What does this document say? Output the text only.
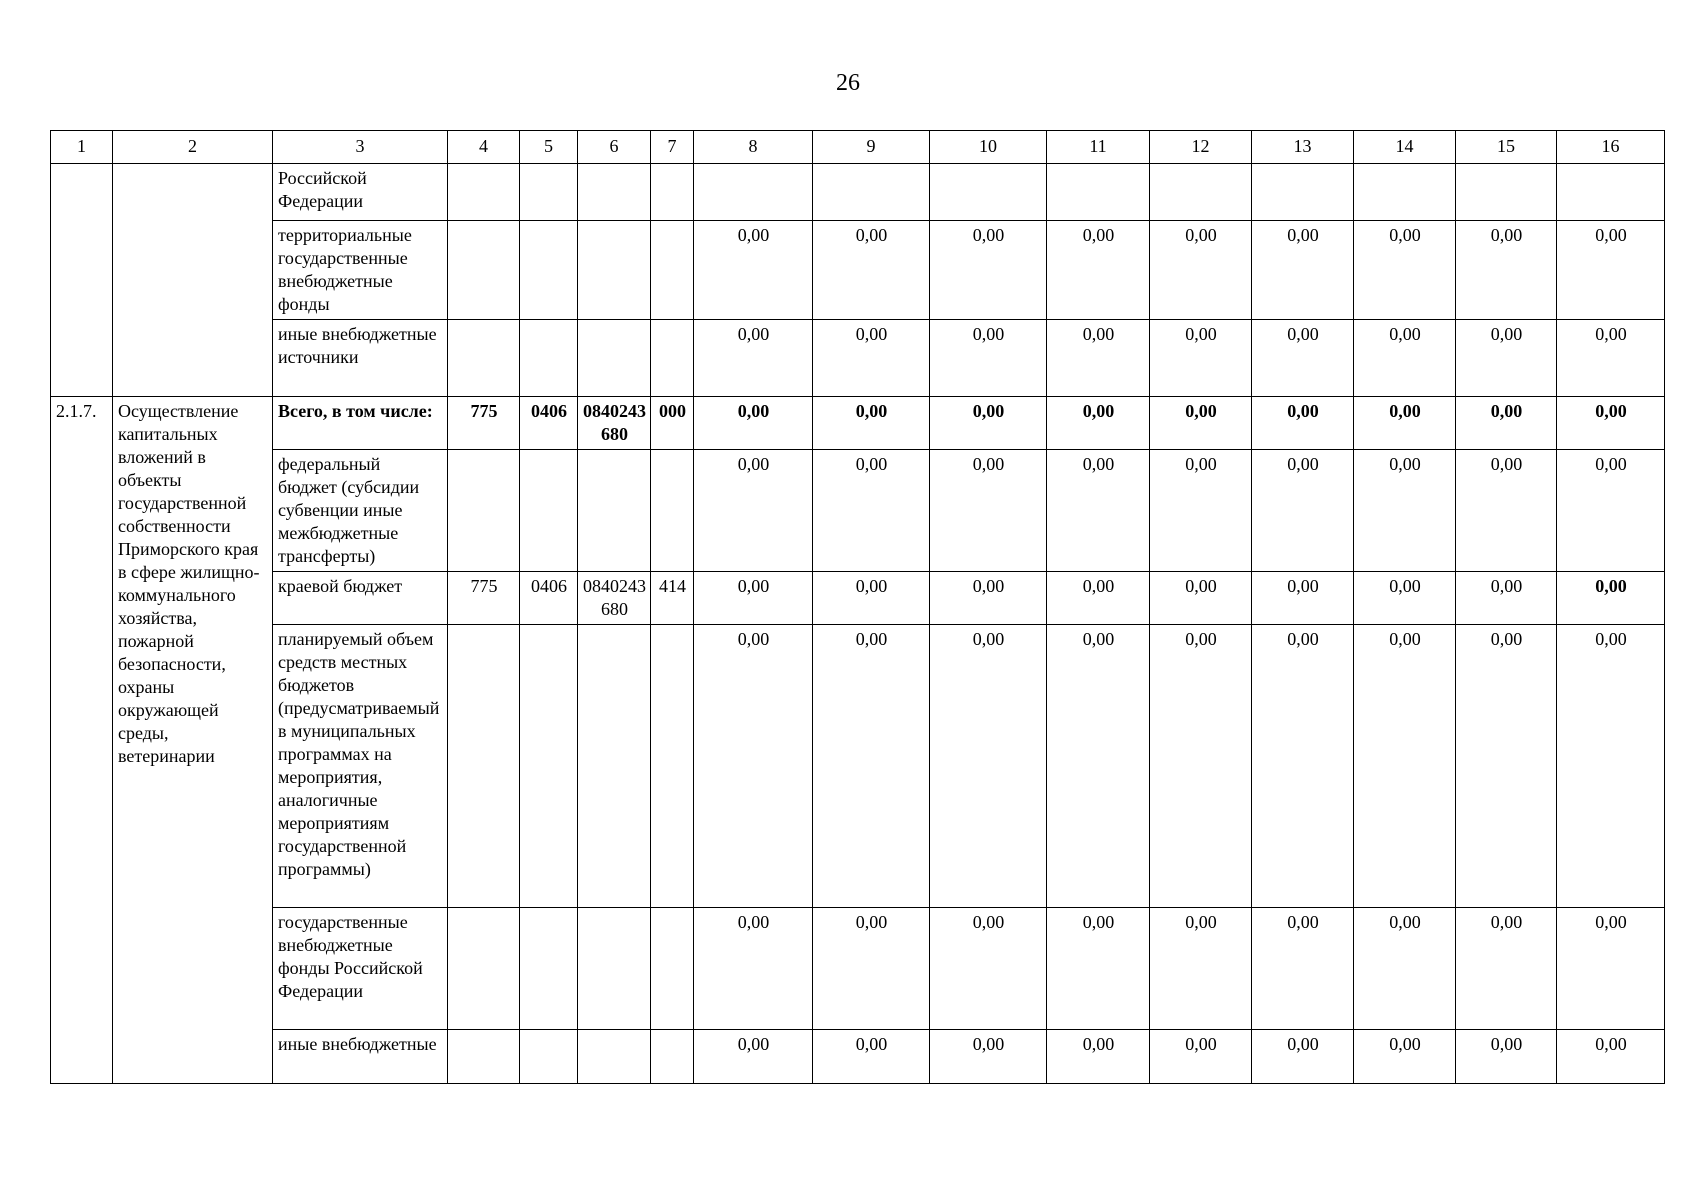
26
1	2	3	4	5	6	7	8	9	10	11	12	13	14	15	16
		Российской Федерации													
		территориальные государственные внебюджетные фонды					0,00	0,00	0,00	0,00	0,00	0,00	0,00	0,00	0,00
		иные внебюджетные источники					0,00	0,00	0,00	0,00	0,00	0,00	0,00	0,00	0,00
2.1.7.	Осуществление капитальных вложений в объекты государственной собственности Приморского края в сфере жилищно-коммунального хозяйства, пожарной безопасности, охраны окружающей среды, ветеринарии	Всего, в том числе:	775	0406	0840243680	000	0,00	0,00	0,00	0,00	0,00	0,00	0,00	0,00	0,00
		федеральный бюджет (субсидии субвенции иные межбюджетные трансферты)					0,00	0,00	0,00	0,00	0,00	0,00	0,00	0,00	0,00
		краевой бюджет	775	0406	0840243680	414	0,00	0,00	0,00	0,00	0,00	0,00	0,00	0,00	0,00
		планируемый объем средств местных бюджетов (предусматриваемый в муниципальных программах на мероприятия, аналогичные мероприятиям государственной программы)					0,00	0,00	0,00	0,00	0,00	0,00	0,00	0,00	0,00
		государственные внебюджетные фонды Российской Федерации					0,00	0,00	0,00	0,00	0,00	0,00	0,00	0,00	0,00
		иные внебюджетные					0,00	0,00	0,00	0,00	0,00	0,00	0,00	0,00	0,00
